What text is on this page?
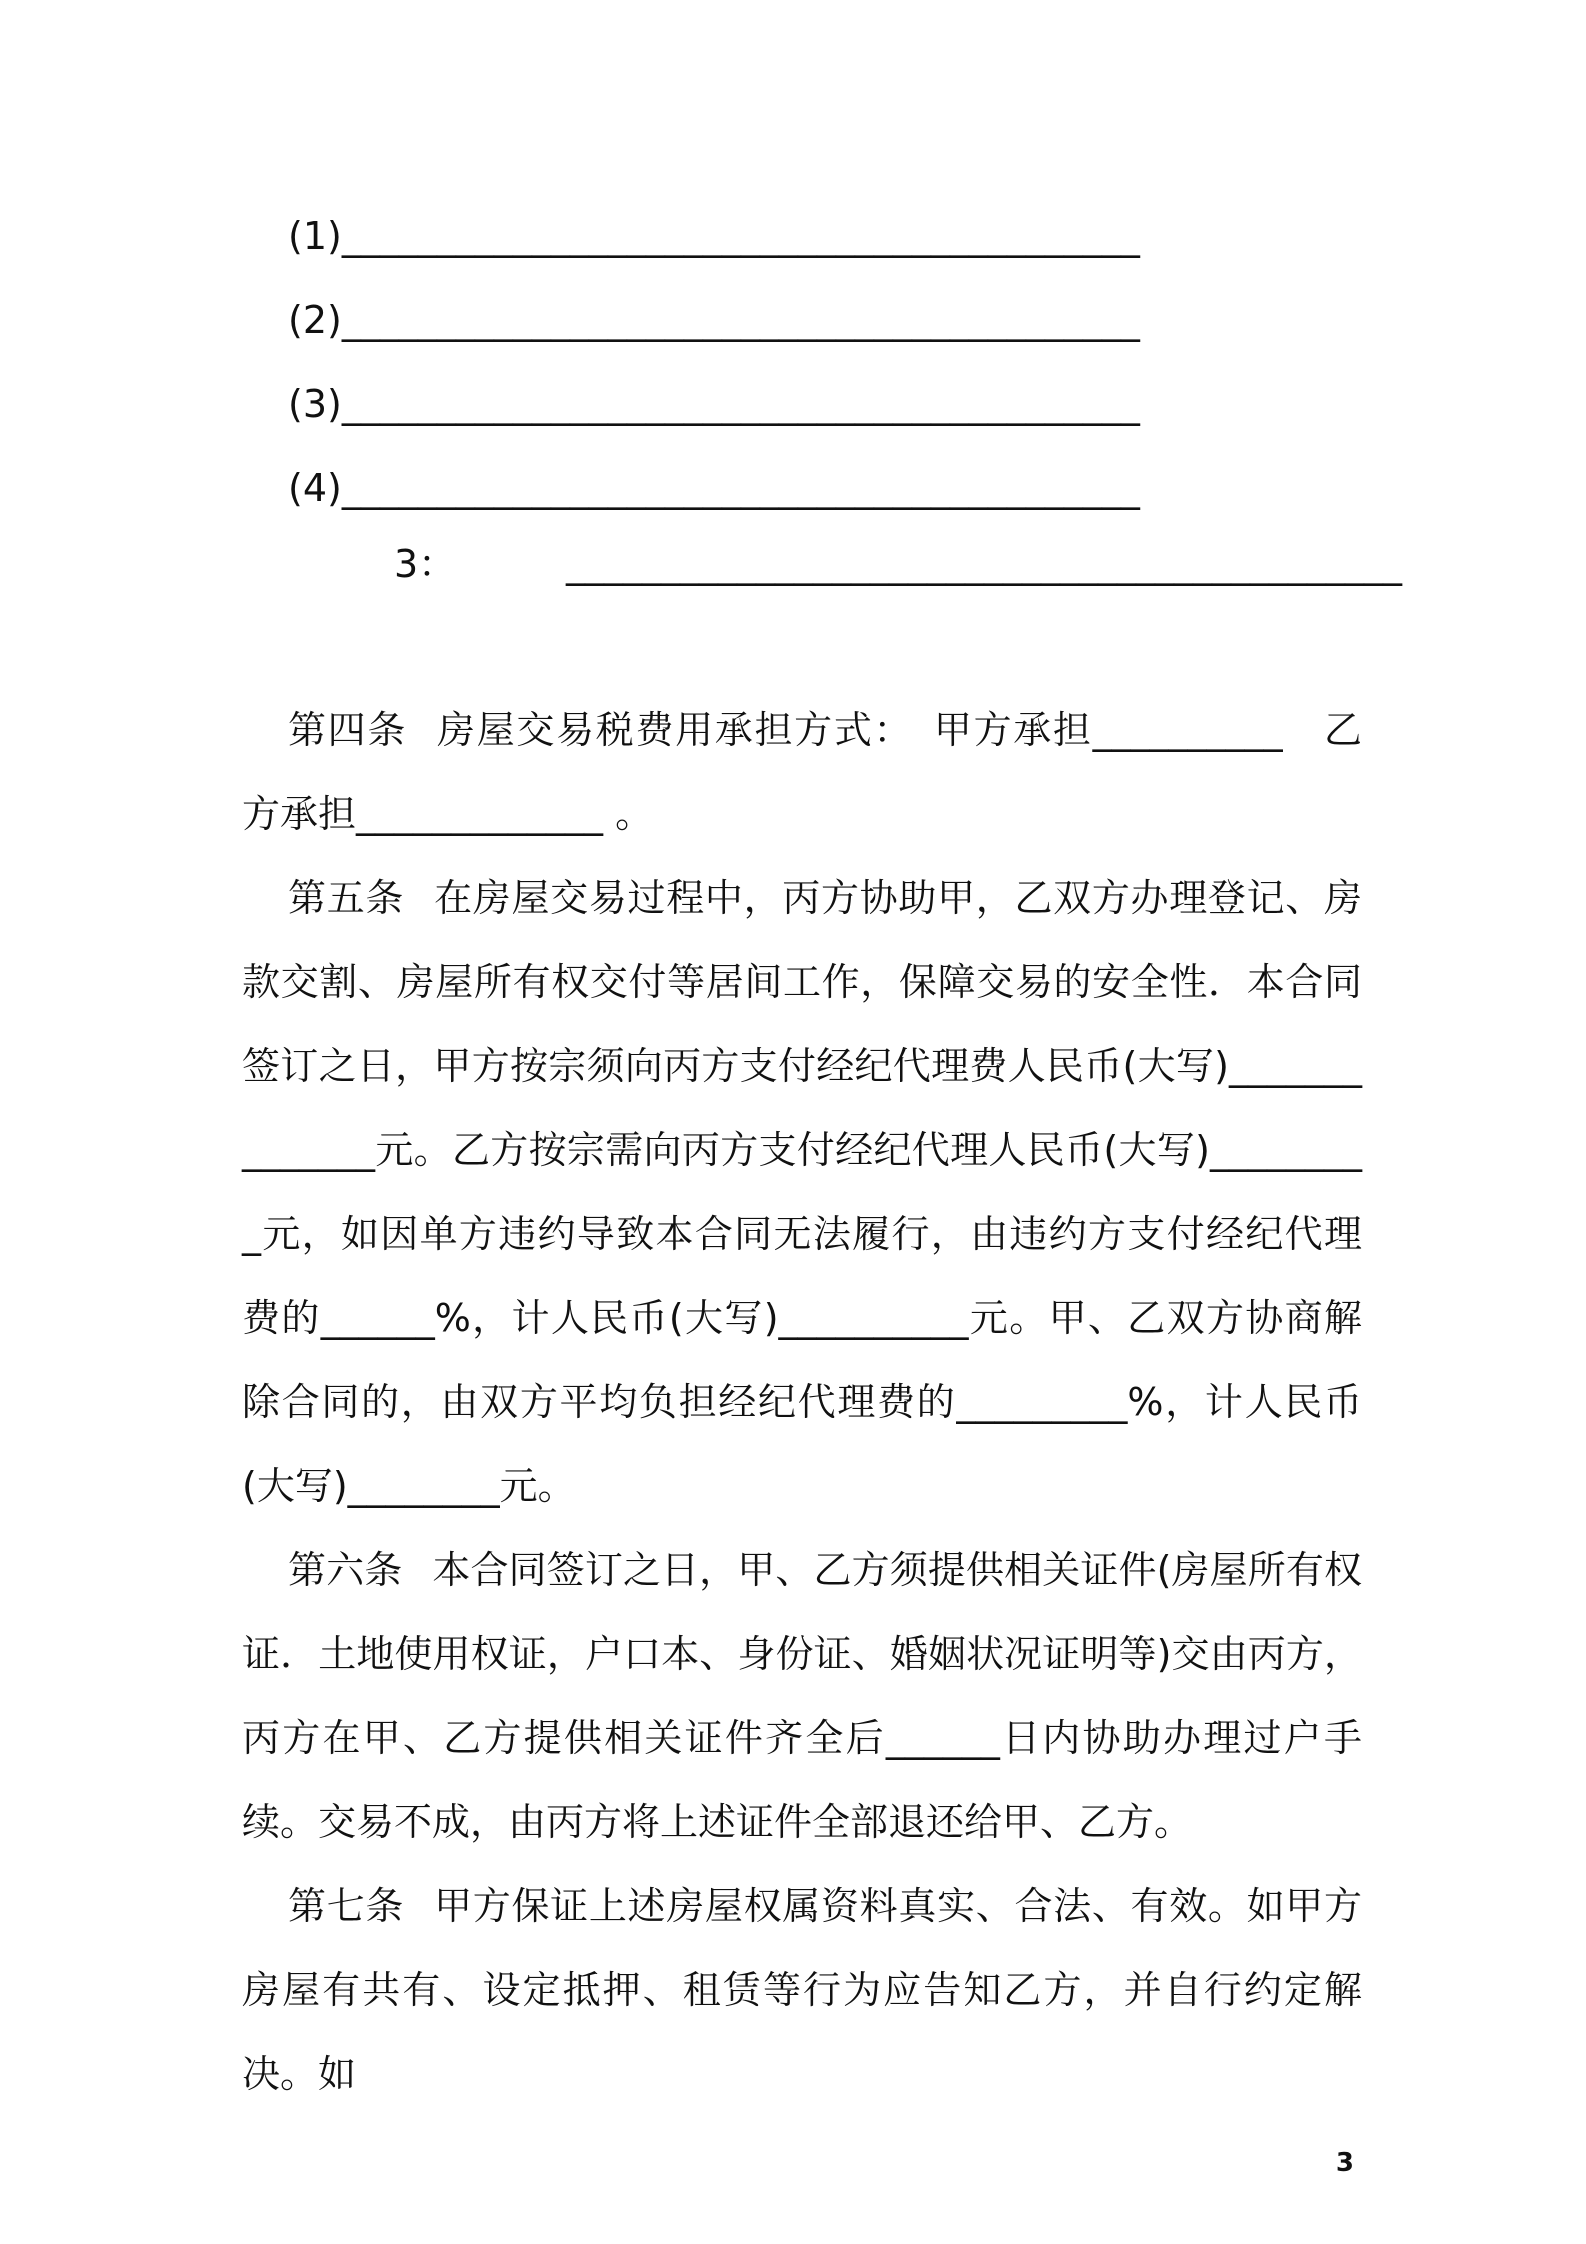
(1)__________________________________________
(2)__________________________________________
(3)__________________________________________
(4)__________________________________________
3：	____________________________________________
第四条 房屋交易税费用承担方式：　甲方承担__________　乙方承担_____________ 。
第五条 在房屋交易过程中，丙方协助甲，乙双方办理登记、房款交割、房屋所有权交付等居间工作，保障交易的安全性．本合同签订之日，甲方按宗须向丙方支付经纪代理费人民币(大写)______________元。乙方按宗需向丙方支付经纪代理人民币(大写)_________元，如因单方违约导致本合同无法履行，由违约方支付经纪代理费的______%，计人民币(大写)__________元。甲、乙双方协商解除合同的，由双方平均负担经纪代理费的_________%，计人民币(大写)________元。
第六条 本合同签订之日，甲、乙方须提供相关证件(房屋所有权证．土地使用权证，户口本、身份证、婚姻状况证明等)交由丙方，丙方在甲、乙方提供相关证件齐全后______日内协助办理过户手续。交易不成，由丙方将上述证件全部退还给甲、乙方。
第七条 甲方保证上述房屋权属资料真实、合法、有效。如甲方房屋有共有、设定抵押、租赁等行为应告知乙方，并自行约定解决。如
3
